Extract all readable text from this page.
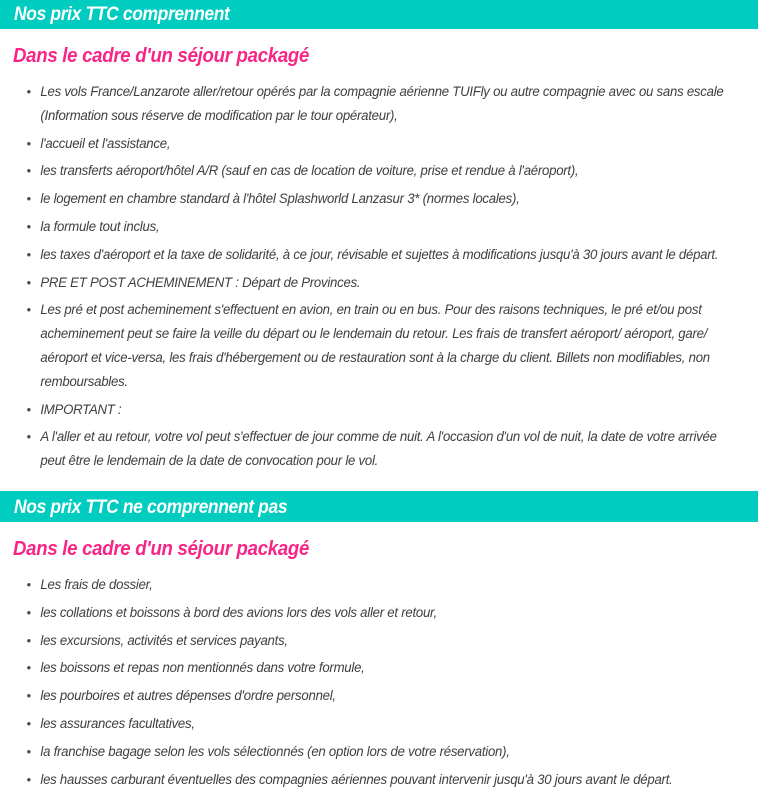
Nos prix TTC comprennent
Dans le cadre d'un séjour packagé
• Les vols France/Lanzarote aller/retour opérés par la compagnie aérienne TUIFly ou autre compagnie avec ou sans escale (Information sous réserve de modification par le tour opérateur),
• l'accueil et l'assistance,
• les transferts aéroport/hôtel A/R (sauf en cas de location de voiture, prise et rendue à l'aéroport),
• le logement en chambre standard à l'hôtel Splashworld Lanzasur 3* (normes locales),
• la formule tout inclus,
• les taxes d'aéroport et la taxe de solidarité, à ce jour, révisable et sujettes à modifications jusqu'à 30 jours avant le départ.
• PRE ET POST ACHEMINEMENT : Départ de Provinces.
• Les pré et post acheminement s'effectuent en avion, en train ou en bus. Pour des raisons techniques, le pré et/ou post acheminement peut se faire la veille du départ ou le lendemain du retour. Les frais de transfert aéroport/ aéroport, gare/ aéroport et vice-versa, les frais d'hébergement ou de restauration sont à la charge du client. Billets non modifiables, non remboursables.
• IMPORTANT :
• A l'aller et au retour, votre vol peut s'effectuer de jour comme de nuit. A l'occasion d'un vol de nuit, la date de votre arrivée peut être le lendemain de la date de convocation pour le vol.
Nos prix TTC ne comprennent pas
Dans le cadre d'un séjour packagé
• Les frais de dossier,
• les collations et boissons à bord des avions lors des vols aller et retour,
• les excursions, activités et services payants,
• les boissons et repas non mentionnés dans votre formule,
• les pourboires et autres dépenses d'ordre personnel,
• les assurances facultatives,
• la franchise bagage selon les vols sélectionnés (en option lors de votre réservation),
• les hausses carburant éventuelles des compagnies aériennes pouvant intervenir jusqu'à 30 jours avant le départ.
